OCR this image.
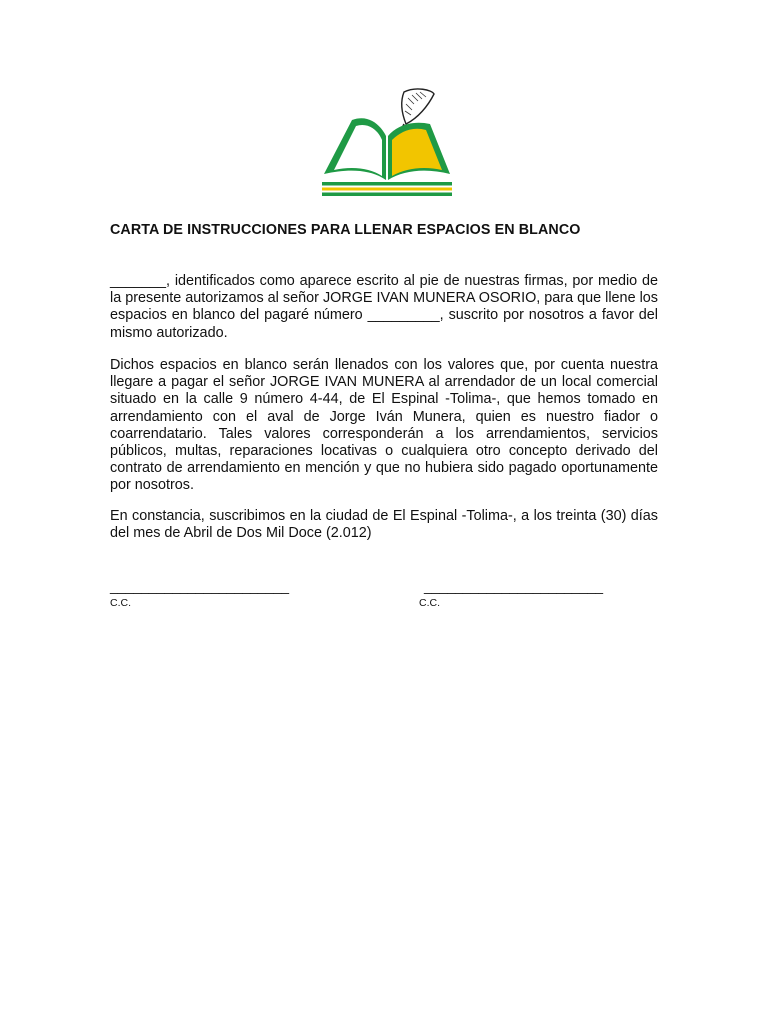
CARTA DE INSTRUCCIONES PARA LLENAR ESPACIOS EN BLANCO
_______, identificados como aparece escrito al pie de nuestras firmas, por medio de la presente autorizamos al señor JORGE IVAN MUNERA OSORIO, para que llene los espacios en blanco del pagaré número _________, suscrito por nosotros a favor del mismo autorizado.
Dichos espacios en blanco serán llenados con los valores que, por cuenta nuestra llegare a pagar el señor JORGE IVAN MUNERA al arrendador de un local comercial situado en la calle 9 número 4-44, de El Espinal -Tolima-, que hemos tomado en arrendamiento con el aval de Jorge Iván Munera, quien es nuestro fiador o coarrendatario. Tales valores corresponderán a los arrendamientos, servicios públicos, multas, reparaciones locativas o cualquiera otro concepto derivado del contrato de arrendamiento en mención y que no hubiera sido pagado oportunamente por nosotros.
En constancia, suscribimos en la ciudad de El Espinal -Tolima-, a los treinta (30) días del mes de Abril de Dos Mil Doce (2.012)
_______________________	_______________________
C.C.	C.C.
